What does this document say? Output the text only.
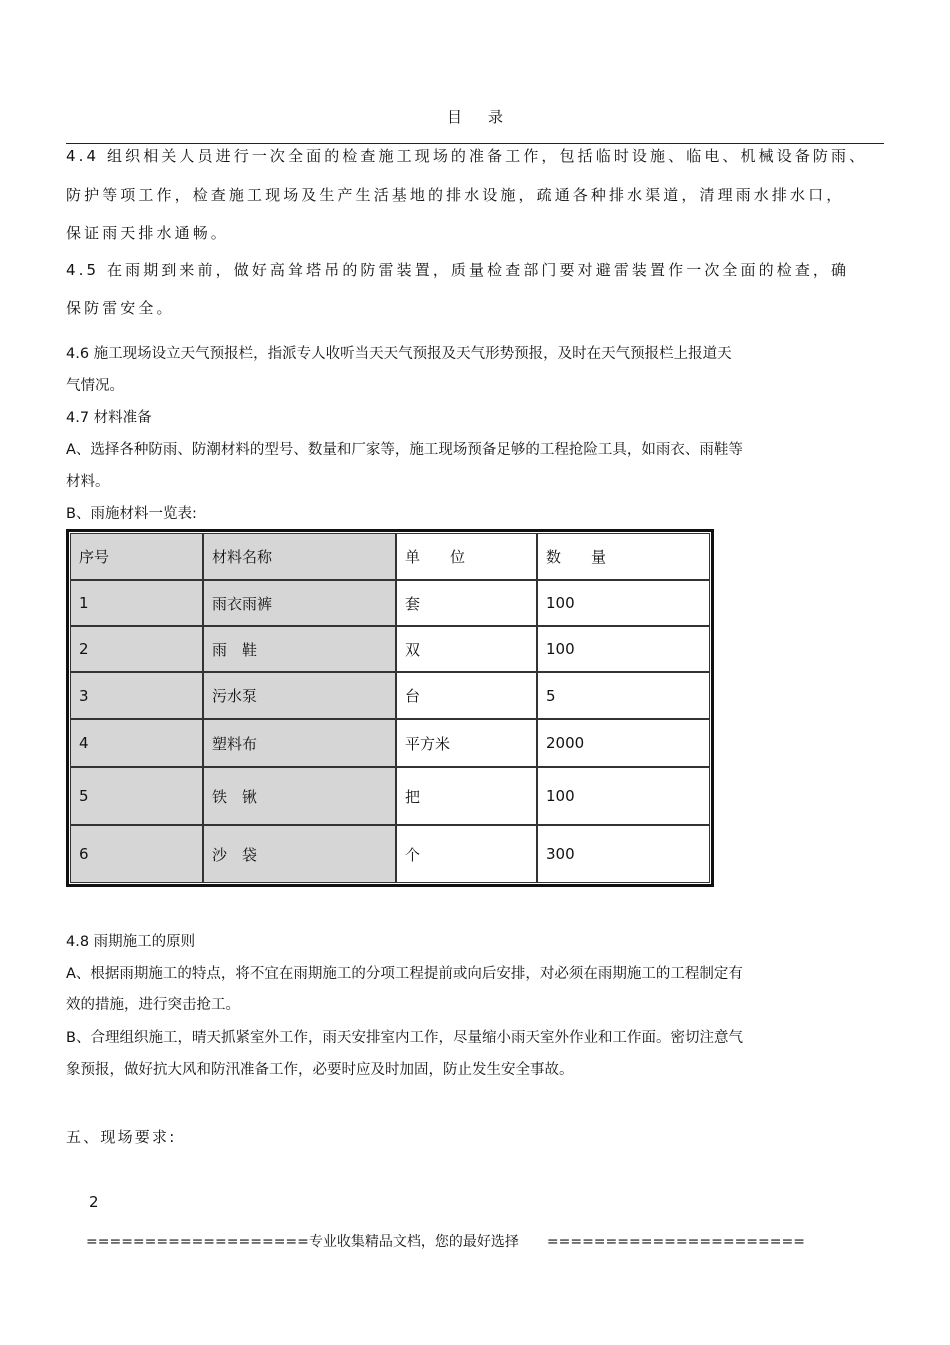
目录
4.4 组织相关人员进行一次全面的检查施工现场的准备工作，包括临时设施、临电、机械设备防雨、
防护等项工作，检查施工现场及生产生活基地的排水设施，疏通各种排水渠道，清理雨水排水口，
保证雨天排水通畅。
4.5 在雨期到来前，做好高耸塔吊的防雷装置，质量检查部门要对避雷装置作一次全面的检查，确
保防雷安全。
4.6 施工现场设立天气预报栏，指派专人收听当天天气预报及天气形势预报，及时在天气预报栏上报道天
气情况。
4.7 材料准备
A、选择各种防雨、防潮材料的型号、数量和厂家等，施工现场预备足够的工程抢险工具，如雨衣、雨鞋等
材料。
B、雨施材料一览表:
序号	材料名称	单　　位	数　　量
1	雨衣雨裤	套	100
2	雨　鞋	双	100
3	污水泵	台	5
4	塑料布	平方米	2000
5	铁　锹	把	100
6	沙　袋	个	300
4.8 雨期施工的原则
A、根据雨期施工的特点，将不宜在雨期施工的分项工程提前或向后安排，对必须在雨期施工的工程制定有
效的措施，进行突击抢工。
B、合理组织施工，晴天抓紧室外工作，雨天安排室内工作，尽量缩小雨天室外作业和工作面。密切注意气
象预报，做好抗大风和防汛准备工作，必要时应及时加固，防止发生安全事故。
五、现场要求:
2
===================专业收集精品文档，您的最好选择　　======================
